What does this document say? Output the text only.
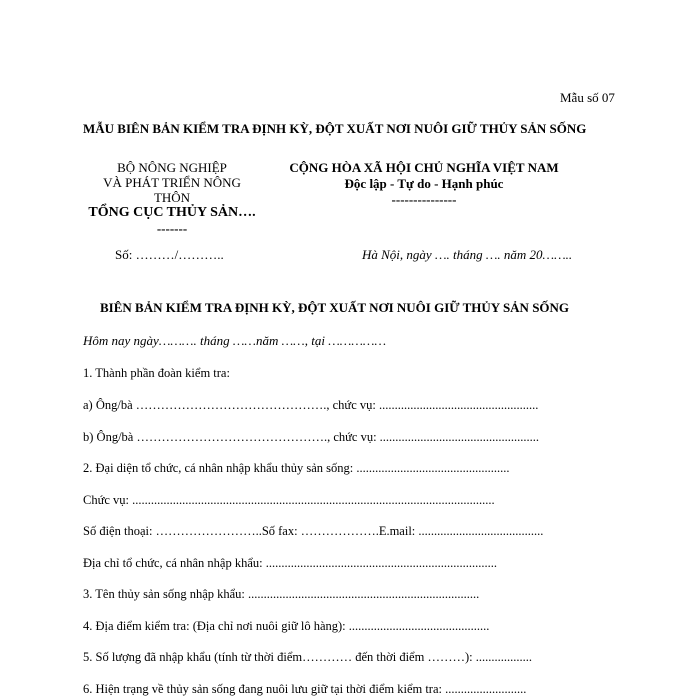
Mẫu số 07
MẪU BIÊN BẢN KIỂM TRA ĐỊNH KỲ, ĐỘT XUẤT NƠI NUÔI GIỮ THỦY SẢN SỐNG
BỘ NÔNG NGHIỆP
VÀ PHÁT TRIỂN NÔNG
THÔN
TỔNG CỤC THỦY SẢN….
-------
Số: ………/………..
CỘNG HÒA XÃ HỘI CHỦ NGHĨA VIỆT NAM
Độc lập - Tự do - Hạnh phúc
---------------
Hà Nội, ngày …. tháng …. năm 20……..
BIÊN BẢN KIỂM TRA ĐỊNH KỲ, ĐỘT XUẤT NƠI NUÔI GIỮ THỦY SẢN SỐNG
Hôm nay ngày………. tháng ……năm ……, tại ……………
1. Thành phần đoàn kiểm tra:
a) Ông/bà ………………………………………., chức vụ: ...................................................
b) Ông/bà ………………………………………., chức vụ: ...................................................
2. Đại diện tổ chức, cá nhân nhập khẩu thủy sản sống: .................................................
Chức vụ: ....................................................................................................................
Số điện thoại: ……………………..Số fax: ……………….E.mail: ........................................
Địa chỉ tổ chức, cá nhân nhập khẩu: ..........................................................................
3. Tên thủy sản sống nhập khẩu: ..........................................................................
4. Địa điểm kiểm tra: (Địa chỉ nơi nuôi giữ lô hàng): .............................................
5. Số lượng đã nhập khẩu (tính từ thời điểm………… đến thời điểm ………): ..................
6. Hiện trạng về thủy sản sống đang nuôi lưu giữ tại thời điểm kiểm tra: ..........................
